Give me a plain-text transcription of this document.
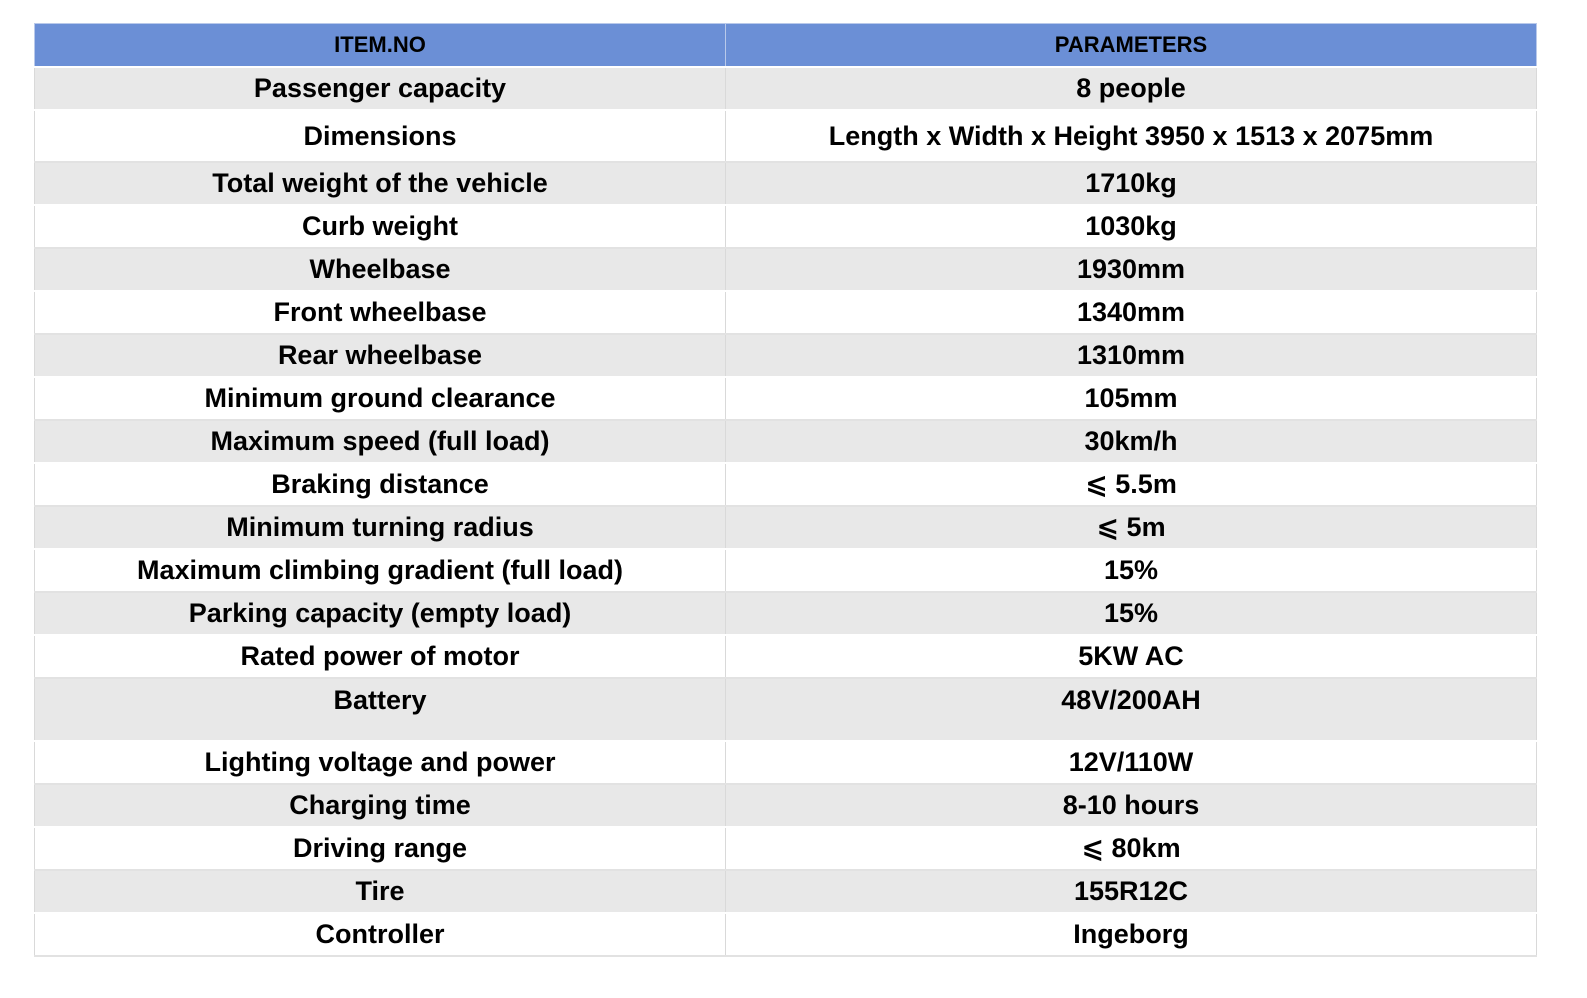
ITEM.NO	PARAMETERS
Passenger capacity	8 people
Dimensions	Length x Width x Height 3950 x 1513 x 2075mm
Total weight of the vehicle	1710kg
Curb weight	1030kg
Wheelbase	1930mm
Front wheelbase	1340mm
Rear wheelbase	1310mm
Minimum ground clearance	105mm
Maximum speed (full load)	30km/h
Braking distance	⩽ 5.5m
Minimum turning radius	⩽ 5m
Maximum climbing gradient (full load)	15%
Parking capacity (empty load)	15%
Rated power of motor	5KW AC
Battery	48V/200AH
Lighting voltage and power	12V/110W
Charging time	8-10 hours
Driving range	⩽ 80km
Tire	155R12C
Controller	Ingeborg
